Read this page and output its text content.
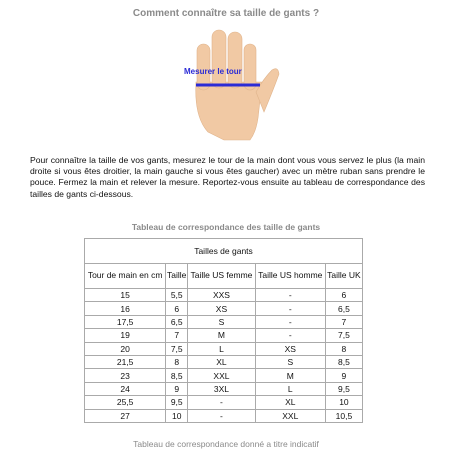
Comment connaître sa taille de gants ?
Mesurer le tour
Pour connaître la taille de vos gants, mesurez le tour de la main dont vous vous servez le plus (la main droite si vous êtes droitier, la main gauche si vous êtes gaucher) avec un mètre ruban sans prendre le pouce. Fermez la main et relever la mesure. Reportez-vous ensuite au tableau de correspondance des tailles de gants ci-dessous.
Tableau de correspondance des taille de gants
Tailles de gants				
Tour de main en cm	Taille	Taille US femme	Taille US homme	Taille UK
15	5,5	XXS	-	6
16	6	XS	-	6,5
17,5	6,5	S	-	7
19	7	M	-	7,5
20	7,5	L	XS	8
21,5	8	XL	S	8,5
23	8,5	XXL	M	9
24	9	3XL	L	9,5
25,5	9,5	-	XL	10
27	10	-	XXL	10,5
Tableau de correspondance donné a titre indicatif
